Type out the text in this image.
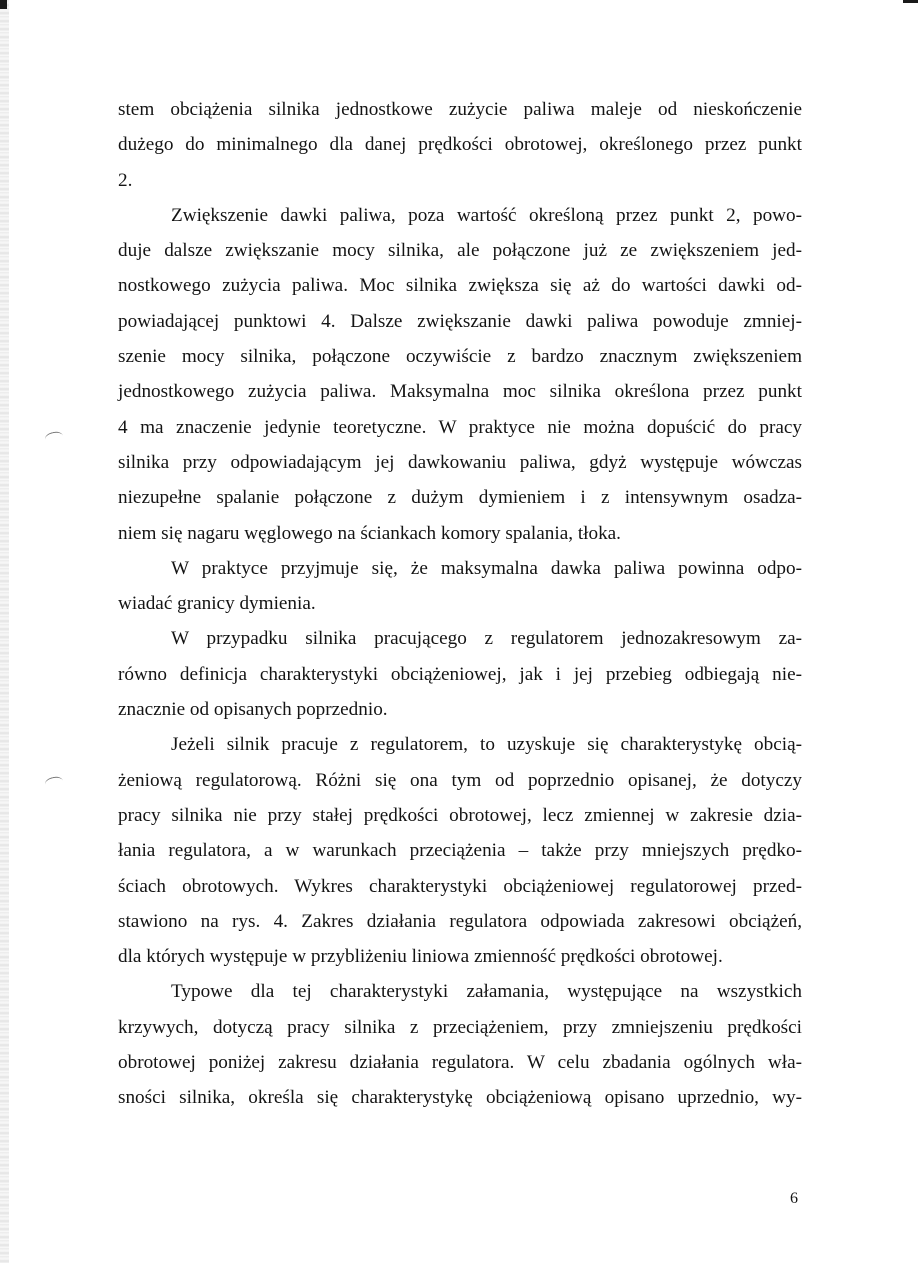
stem obciążenia silnika jednostkowe zużycie paliwa maleje od nieskończenie
dużego do minimalnego dla danej prędkości obrotowej, określonego przez punkt
2.

Zwiększenie dawki paliwa, poza wartość określoną przez punkt 2, powo-
duje dalsze zwiększanie mocy silnika, ale połączone już ze zwiększeniem jed-
nostkowego zużycia paliwa. Moc silnika zwiększa się aż do wartości dawki od-
powiadającej punktowi 4. Dalsze zwiększanie dawki paliwa powoduje zmniej-
szenie mocy silnika, połączone oczywiście z bardzo znacznym zwiększeniem
jednostkowego zużycia paliwa. Maksymalna moc silnika określona przez punkt
4 ma znaczenie jedynie teoretyczne. W praktyce nie można dopuścić do pracy
silnika przy odpowiadającym jej dawkowaniu paliwa, gdyż występuje wówczas
niezupełne spalanie połączone z dużym dymieniem i z intensywnym osadza-
niem się nagaru węglowego na ściankach komory spalania, tłoka.

W praktyce przyjmuje się, że maksymalna dawka paliwa powinna odpo-
wiadać granicy dymienia.

W przypadku silnika pracującego z regulatorem jednozakresowym za-
równo definicja charakterystyki obciążeniowej, jak i jej przebieg odbiegają nie-
znacznie od opisanych poprzednio.

Jeżeli silnik pracuje z regulatorem, to uzyskuje się charakterystykę obcią-
żeniową regulatorową. Różni się ona tym od poprzednio opisanej, że dotyczy
pracy silnika nie przy stałej prędkości obrotowej, lecz zmiennej w zakresie dzia-
łania regulatora, a w warunkach przeciążenia – także przy mniejszych prędko-
ściach obrotowych. Wykres charakterystyki obciążeniowej regulatorowej przed-
stawiono na rys. 4. Zakres działania regulatora odpowiada zakresowi obciążeń,
dla których występuje w przybliżeniu liniowa zmienność prędkości obrotowej.

Typowe dla tej charakterystyki załamania, występujące na wszystkich
krzywych, dotyczą pracy silnika z przeciążeniem, przy zmniejszeniu prędkości
obrotowej poniżej zakresu działania regulatora. W celu zbadania ogólnych wła-
sności silnika, określa się charakterystykę obciążeniową opisano uprzednio, wy-

6
